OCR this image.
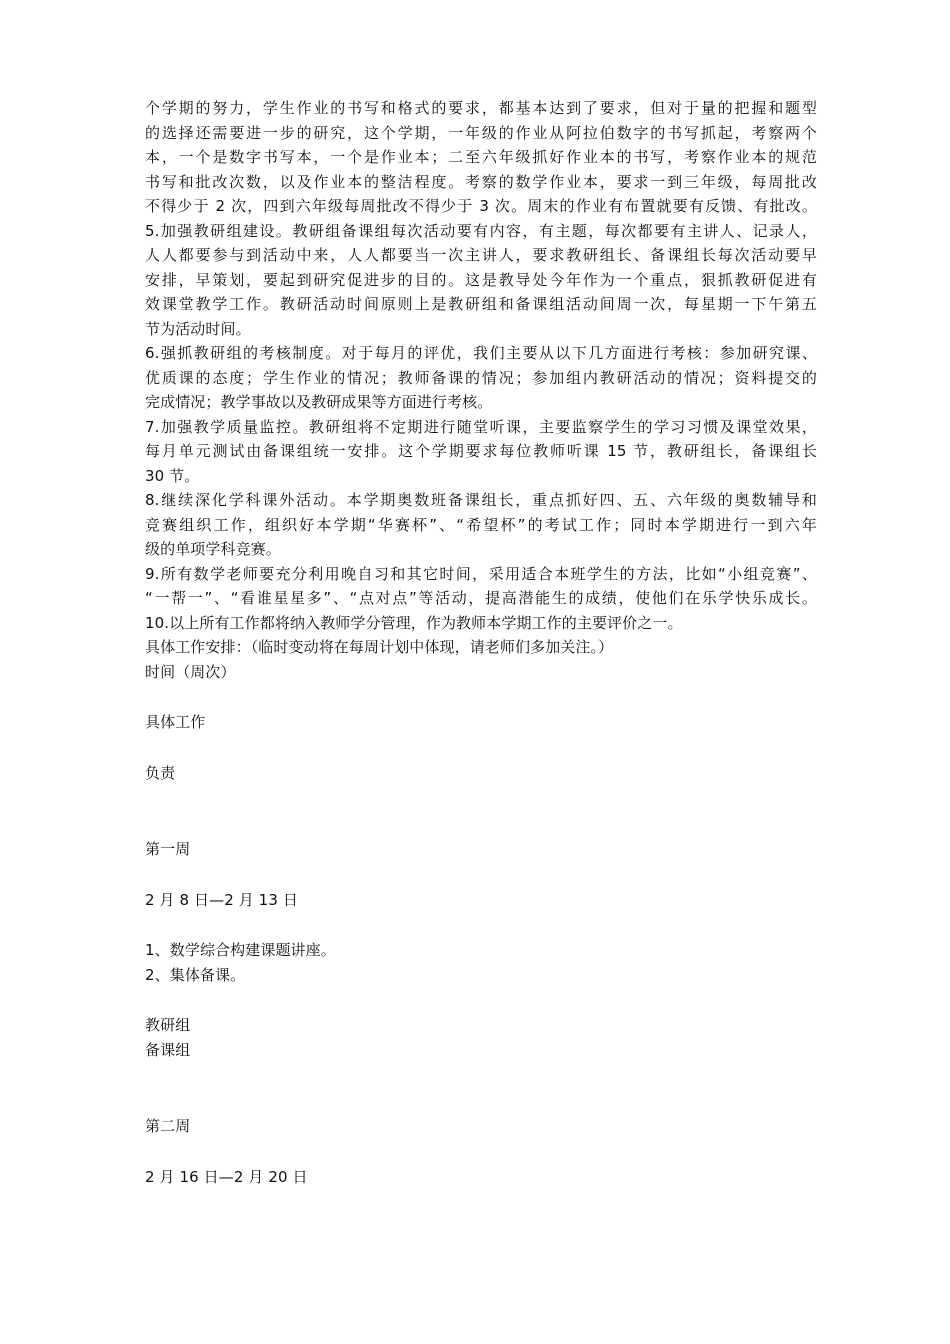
个学期的努力，学生作业的书写和格式的要求，都基本达到了要求，但对于量的把握和题型
的选择还需要进一步的研究，这个学期，一年级的作业从阿拉伯数字的书写抓起，考察两个
本，一个是数字书写本，一个是作业本；二至六年级抓好作业本的书写，考察作业本的规范
书写和批改次数，以及作业本的整洁程度。考察的数学作业本，要求一到三年级，每周批改
不得少于 2 次，四到六年级每周批改不得少于 3 次。周末的作业有布置就要有反馈、有批改。
5.加强教研组建设。教研组备课组每次活动要有内容，有主题，每次都要有主讲人、记录人，
人人都要参与到活动中来，人人都要当一次主讲人，要求教研组长、备课组长每次活动要早
安排，早策划，要起到研究促进步的目的。这是教导处今年作为一个重点，狠抓教研促进有
效课堂教学工作。教研活动时间原则上是教研组和备课组活动间周一次，每星期一下午第五
节为活动时间。
6.强抓教研组的考核制度。对于每月的评优，我们主要从以下几方面进行考核：参加研究课、
优质课的态度；学生作业的情况；教师备课的情况；参加组内教研活动的情况；资料提交的
完成情况；教学事故以及教研成果等方面进行考核。
7.加强教学质量监控。教研组将不定期进行随堂听课，主要监察学生的学习习惯及课堂效果，
每月单元测试由备课组统一安排。这个学期要求每位教师听课 15 节，教研组长，备课组长
30 节。
8.继续深化学科课外活动。本学期奥数班备课组长，重点抓好四、五、六年级的奥数辅导和
竞赛组织工作，组织好本学期“华赛杯”、“希望杯”的考试工作；同时本学期进行一到六年
级的单项学科竞赛。
9.所有数学老师要充分利用晚自习和其它时间，采用适合本班学生的方法，比如“小组竞赛”、
“一帮一”、“看谁星星多”、“点对点”等活动，提高潜能生的成绩，使他们在乐学快乐成长。
10.以上所有工作都将纳入教师学分管理，作为教师本学期工作的主要评价之一。
具体工作安排：（临时变动将在每周计划中体现，请老师们多加关注。）
时间（周次）
具体工作
负责
第一周
2 月 8 日—2 月 13 日
1、数学综合构建课题讲座。
2、集体备课。
教研组
备课组
第二周
2 月 16 日—2 月 20 日
